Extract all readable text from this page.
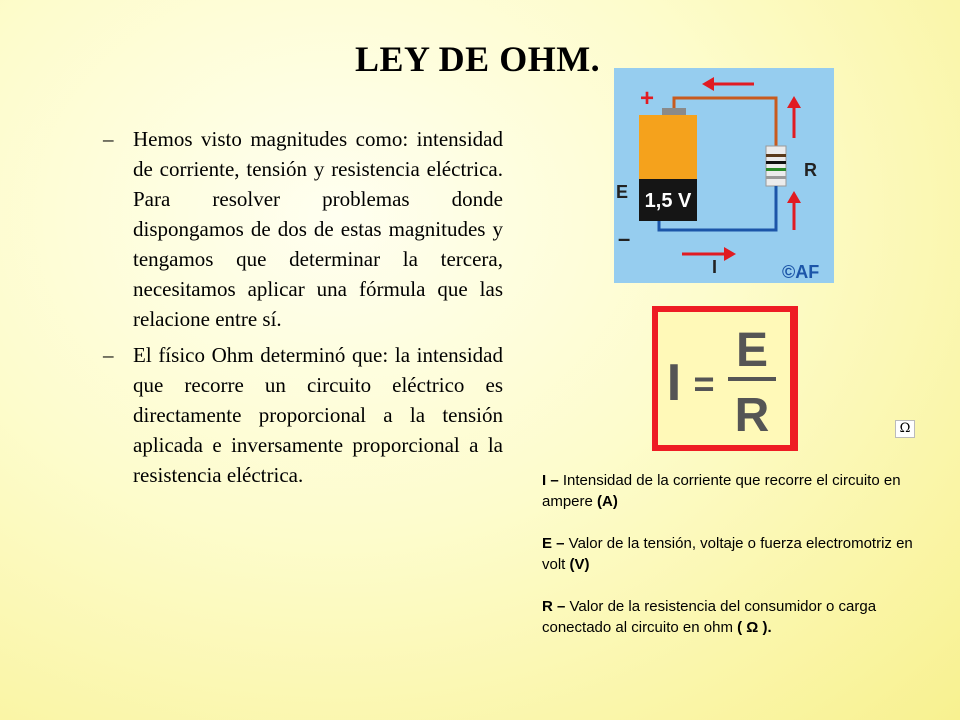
LEY DE OHM.
– Hemos visto magnitudes como: intensidad de corriente, tensión y resistencia eléctrica. Para resolver problemas donde dispongamos de dos de estas magnitudes y tengamos que determinar la tercera, necesitamos aplicar una fórmula que las relacione entre sí.
– El físico Ohm determinó que: la intensidad que recorre un circuito eléctrico es directamente proporcional a la tensión aplicada e inversamente proporcional a la resistencia eléctrica.
1,5 V
+
E
–
R
I	©AF
I =
E
R	Ω
I – Intensidad de la corriente que recorre el circuito en ampere (A)
E – Valor de la tensión, voltaje o fuerza electromotriz en volt (V)
R – Valor de la resistencia del consumidor o carga conectado al circuito en ohm ( Ω ).
